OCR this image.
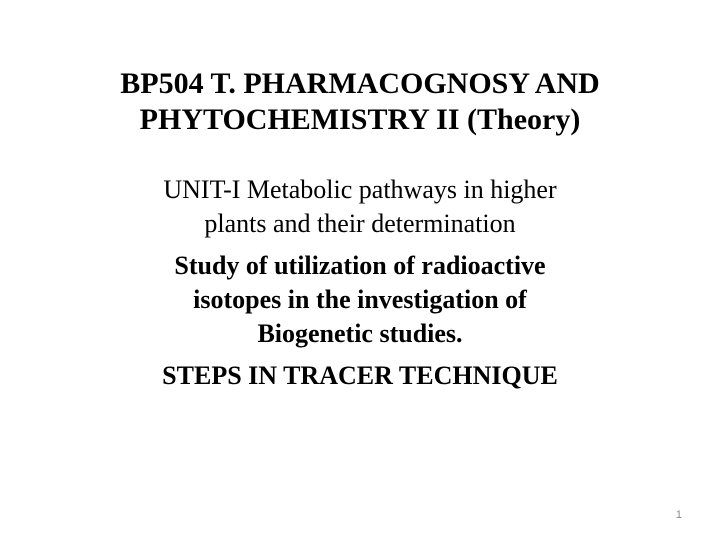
BP504 T. PHARMACOGNOSY AND
PHYTOCHEMISTRY II (Theory)

UNIT-I Metabolic pathways in higher
plants and their determination

Study of utilization of radioactive
isotopes in the investigation of
Biogenetic studies.

STEPS IN TRACER TECHNIQUE

1
